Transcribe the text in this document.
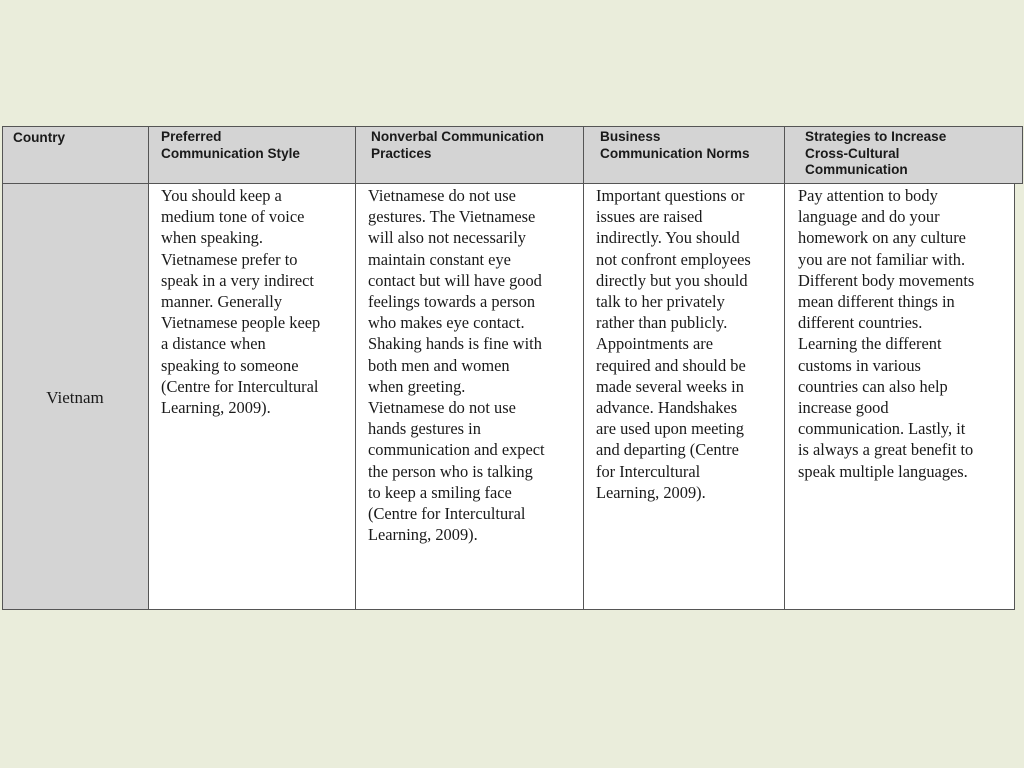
Country	Preferred
Communication Style
Nonverbal Communication
Practices
Business
Communication Norms
Strategies to Increase
Cross-Cultural
Communication
Vietnam
You should keep a
medium tone of voice
when speaking.
Vietnamese prefer to
speak in a very indirect
manner. Generally
Vietnamese people keep
a distance when
speaking to someone
(Centre for Intercultural
Learning, 2009).
Vietnamese do not use
gestures. The Vietnamese
will also not necessarily
maintain constant eye
contact but will have good
feelings towards a person
who makes eye contact.
Shaking hands is fine with
both men and women
when greeting.
Vietnamese do not use
hands gestures in
communication and expect
the person who is talking
to keep a smiling face
(Centre for Intercultural
Learning, 2009).
Important questions or
issues are raised
indirectly. You should
not confront employees
directly but you should
talk to her privately
rather than publicly.
Appointments are
required and should be
made several weeks in
advance. Handshakes
are used upon meeting
and departing (Centre
for Intercultural
Learning, 2009).
Pay attention to body
language and do your
homework on any culture
you are not familiar with.
Different body movements
mean different things in
different countries.
Learning the different
customs in various
countries can also help
increase good
communication. Lastly, it
is always a great benefit to
speak multiple languages.
